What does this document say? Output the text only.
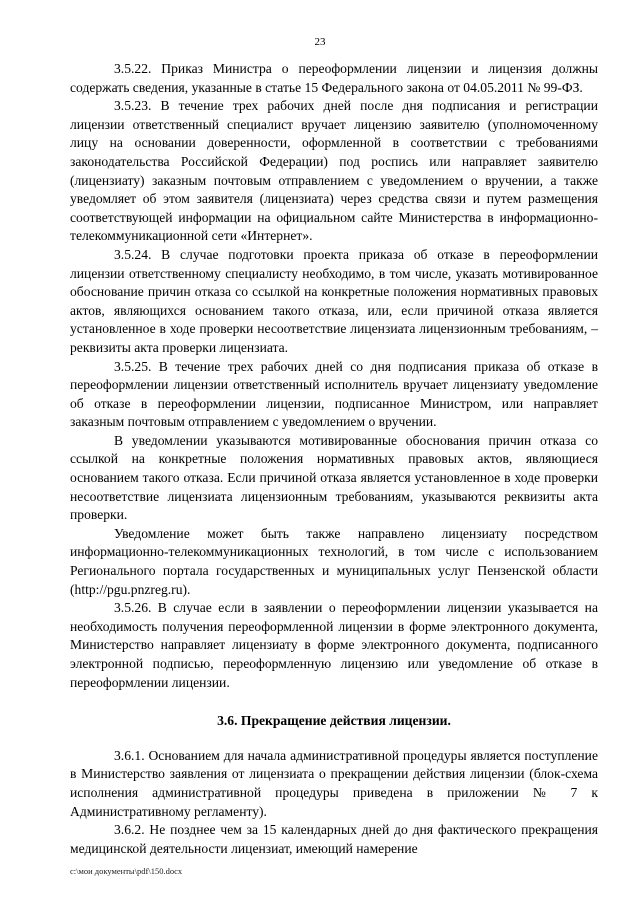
23

3.5.22. Приказ Министра о переоформлении лицензии и лицензия должны содержать сведения, указанные в статье 15 Федерального закона от 04.05.2011 № 99-ФЗ.

3.5.23. В течение трех рабочих дней после дня подписания и регистрации лицензии ответственный специалист вручает лицензию заявителю (уполномоченному лицу на основании доверенности, оформленной в соответствии с требованиями законодательства Российской Федерации) под роспись или направляет заявителю (лицензиату) заказным почтовым отправлением с уведомлением о вручении, а также уведомляет об этом заявителя (лицензиата) через средства связи и путем размещения соответствующей информации на официальном сайте Министерства в информационно-телекоммуникационной сети «Интернет».

3.5.24. В случае подготовки проекта приказа об отказе в переоформлении лицензии ответственному специалисту необходимо, в том числе, указать мотивированное обоснование причин отказа со ссылкой на конкретные положения нормативных правовых актов, являющихся основанием такого отказа, или, если причиной отказа является установленное в ходе проверки несоответствие лицензиата лицензионным требованиям, – реквизиты акта проверки лицензиата.

3.5.25. В течение трех рабочих дней со дня подписания приказа об отказе в переоформлении лицензии ответственный исполнитель вручает лицензиату уведомление об отказе в переоформлении лицензии, подписанное Министром, или направляет заказным почтовым отправлением с уведомлением о вручении.

В уведомлении указываются мотивированные обоснования причин отказа со ссылкой на конкретные положения нормативных правовых актов, являющиеся основанием такого отказа. Если причиной отказа является установленное в ходе проверки несоответствие лицензиата лицензионным требованиям, указываются реквизиты акта проверки.

Уведомление может быть также направлено лицензиату посредством информационно-телекоммуникационных технологий, в том числе с использованием Регионального портала государственных и муниципальных услуг Пензенской области (http://pgu.pnzreg.ru).

3.5.26. В случае если в заявлении о переоформлении лицензии указывается на необходимость получения переоформленной лицензии в форме электронного документа, Министерство направляет лицензиату в форме электронного документа, подписанного электронной подписью, переоформленную лицензию или уведомление об отказе в переоформлении лицензии.

3.6. Прекращение действия лицензии.

3.6.1. Основанием для начала административной процедуры является поступление в Министерство заявления от лицензиата о прекращении действия лицензии (блок-схема исполнения административной процедуры приведена в приложении № 7 к Административному регламенту).

3.6.2. Не позднее чем за 15 календарных дней до дня фактического прекращения медицинской деятельности лицензиат, имеющий намерение

c:\мои документы\pdf\150.docx
